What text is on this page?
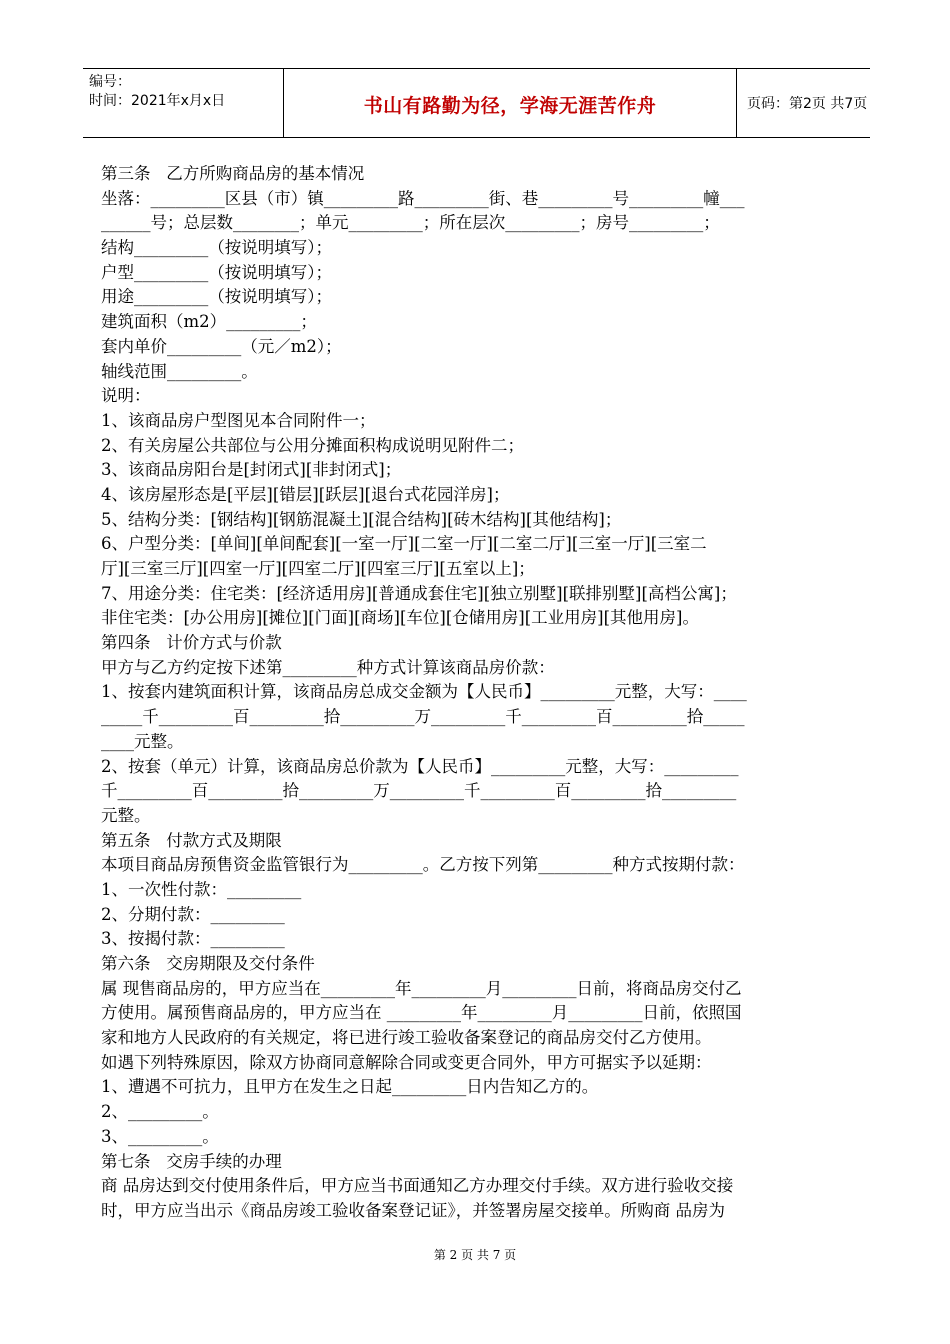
编号：
时间：2021年x月x日	书山有路勤为径，学海无涯苦作舟	页码：第2页 共7页
第三条   乙方所购商品房的基本情况
坐落：_________区县（市）镇_________路_________街、巷_________号_________幢___
______号；总层数________；单元_________；所在层次_________；房号_________；
结构_________（按说明填写）；
户型_________（按说明填写）；
用途_________（按说明填写）；
建筑面积（m2）_________；
套内单价_________（元／m2）；
轴线范围_________。
说明：
1、该商品房户型图见本合同附件一；
2、有关房屋公共部位与公用分摊面积构成说明见附件二；
3、该商品房阳台是[封闭式][非封闭式]；
4、该房屋形态是[平层][错层][跃层][退台式花园洋房]；
5、结构分类：[钢结构][钢筋混凝土][混合结构][砖木结构][其他结构]；
6、户型分类：[单间][单间配套][一室一厅][二室一厅][二室二厅][三室一厅][三室二
厅][三室三厅][四室一厅][四室二厅][四室三厅][五室以上]；
7、用途分类：住宅类：[经济适用房][普通成套住宅][独立别墅][联排别墅][高档公寓]；
非住宅类：[办公用房][摊位][门面][商场][车位][仓储用房][工业用房][其他用房]。
第四条   计价方式与价款
甲方与乙方约定按下述第_________种方式计算该商品房价款：
1、按套内建筑面积计算，该商品房总成交金额为【人民币】_________元整，大写：____
_____千_________百_________拾_________万_________千_________百_________拾_____
____元整。
2、按套（单元）计算，该商品房总价款为【人民币】_________元整，大写：_________
千_________百_________拾_________万_________千_________百_________拾_________
元整。
第五条   付款方式及期限
本项目商品房预售资金监管银行为_________。乙方按下列第_________种方式按期付款：
1、一次性付款：_________
2、分期付款：_________
3、按揭付款：_________
第六条   交房期限及交付条件
属 现售商品房的，甲方应当在_________年_________月_________日前，将商品房交付乙
方使用。属预售商品房的，甲方应当在 _________年_________月_________日前，依照国
家和地方人民政府的有关规定，将已进行竣工验收备案登记的商品房交付乙方使用。
如遇下列特殊原因，除双方协商同意解除合同或变更合同外，甲方可据实予以延期：
1、遭遇不可抗力，且甲方在发生之日起_________日内告知乙方的。
2、_________。
3、_________。
第七条   交房手续的办理
商 品房达到交付使用条件后，甲方应当书面通知乙方办理交付手续。双方进行验收交接
时，甲方应当出示《商品房竣工验收备案登记证》，并签署房屋交接单。所购商 品房为
第 2 页 共 7 页
